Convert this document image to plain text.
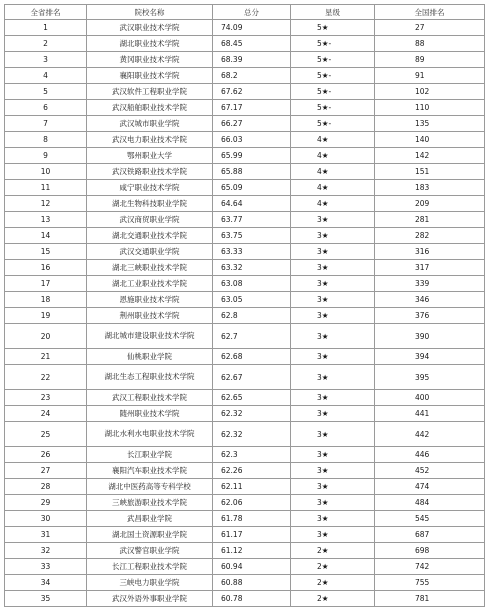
全省排名	院校名称	总分	星级	全国排名
1	武汉职业技术学院	74.09	5★	27
2	湖北职业技术学院	68.45	5★-	88
3	黄冈职业技术学院	68.39	5★-	89
4	襄阳职业技术学院	68.2	5★-	91
5	武汉软件工程职业学院	67.62	5★-	102
6	武汉船舶职业技术学院	67.17	5★-	110
7	武汉城市职业学院	66.27	5★-	135
8	武汉电力职业技术学院	66.03	4★	140
9	鄂州职业大学	65.99	4★	142
10	武汉铁路职业技术学院	65.88	4★	151
11	咸宁职业技术学院	65.09	4★	183
12	湖北生物科技职业学院	64.64	4★	209
13	武汉商贸职业学院	63.77	3★	281
14	湖北交通职业技术学院	63.75	3★	282
15	武汉交通职业学院	63.33	3★	316
16	湖北三峡职业技术学院	63.32	3★	317
17	湖北工业职业技术学院	63.08	3★	339
18	恩施职业技术学院	63.05	3★	346
19	荆州职业技术学院	62.8	3★	376
20	湖北城市建设职业技术学院	62.7	3★	390
21	仙桃职业学院	62.68	3★	394
22	湖北生态工程职业技术学院	62.67	3★	395
23	武汉工程职业技术学院	62.65	3★	400
24	随州职业技术学院	62.32	3★	441
25	湖北水利水电职业技术学院	62.32	3★	442
26	长江职业学院	62.3	3★	446
27	襄阳汽车职业技术学院	62.26	3★	452
28	湖北中医药高等专科学校	62.11	3★	474
29	三峡旅游职业技术学院	62.06	3★	484
30	武昌职业学院	61.78	3★	545
31	湖北国土资源职业学院	61.17	3★	687
32	武汉警官职业学院	61.12	2★	698
33	长江工程职业技术学院	60.94	2★	742
34	三峡电力职业学院	60.88	2★	755
35	武汉外语外事职业学院	60.78	2★	781
